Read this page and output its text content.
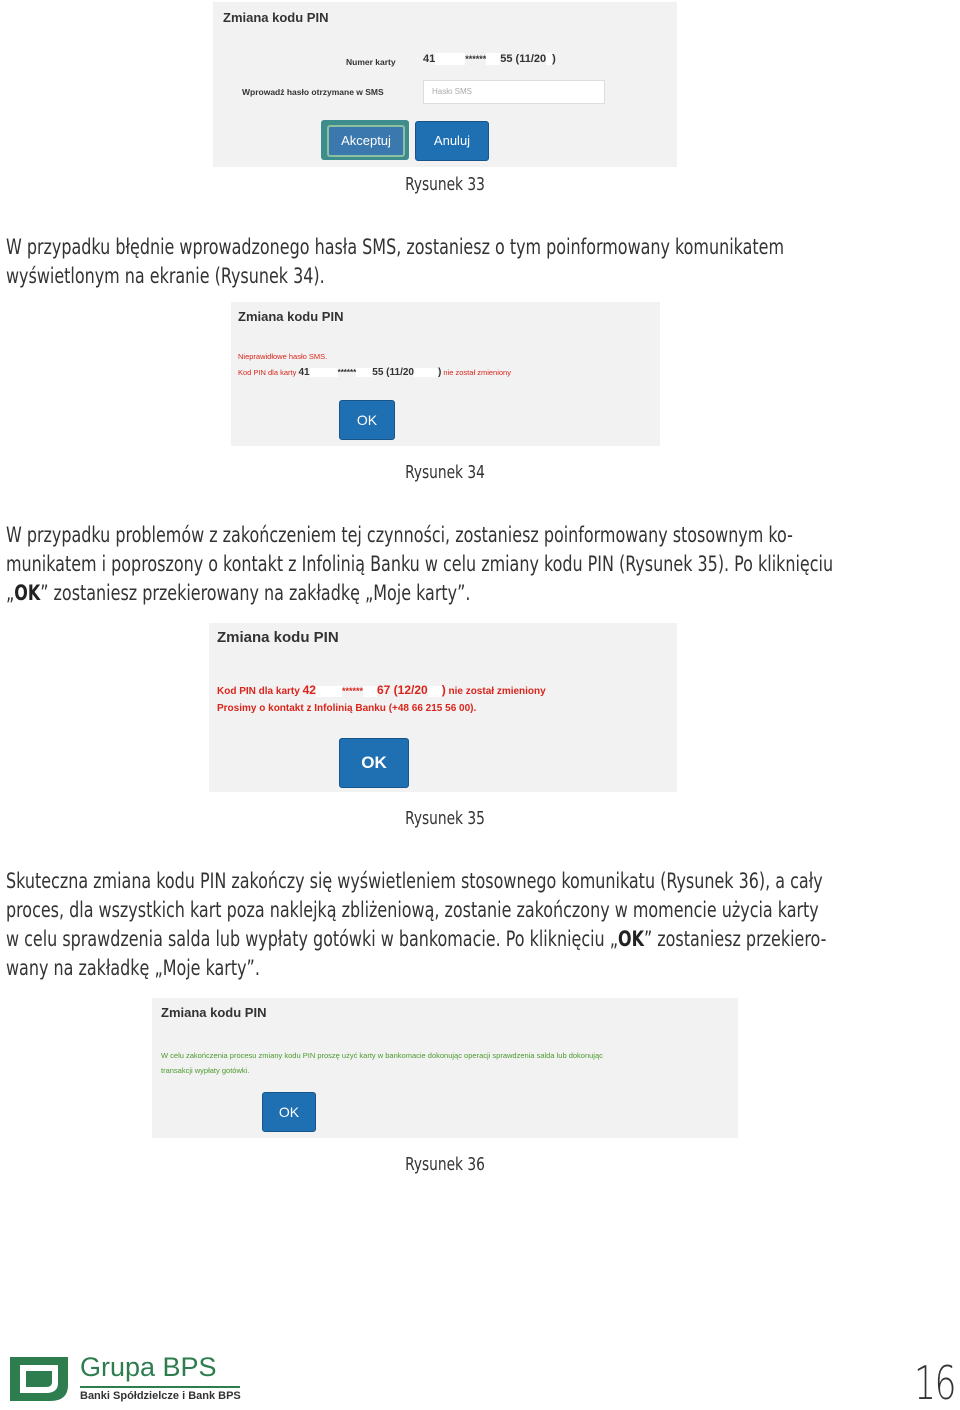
Zmiana kodu PIN
Numer karty 41	****** 55 (11/20 )
Wprowadź hasło otrzymane w SMS	Hasło SMS
Akceptuj	Anuluj
Rysunek 33
W przypadku błędnie wprowadzonego hasła SMS, zostaniesz o tym poinformowany komunikatem
wyświetlonym na ekranie (Rysunek 34).
Zmiana kodu PIN
Nieprawidłowe hasło SMS.
Kod PIN dla karty 41	****** 55 (11/20 ) nie został zmieniony
OK
Rysunek 34
W przypadku problemów z zakończeniem tej czynności, zostaniesz poinformowany stosownym ko-
munikatem i poproszony o kontakt z Infolinią Banku w celu zmiany kodu PIN (Rysunek 35). Po kliknięciu
„OK” zostaniesz przekierowany na zakładkę „Moje karty”.
Zmiana kodu PIN
Kod PIN dla karty 42	****** 67 (12/20 ) nie został zmieniony
Prosimy o kontakt z Infolinią Banku (+48 66 215 56 00).
OK
Rysunek 35
Skuteczna zmiana kodu PIN zakończy się wyświetleniem stosownego komunikatu (Rysunek 36), a cały
proces, dla wszystkich kart poza naklejką zbliżeniową, zostanie zakończony w momencie użycia karty
w celu sprawdzenia salda lub wypłaty gotówki w bankomacie. Po kliknięciu „OK” zostaniesz przekiero-
wany na zakładkę „Moje karty”.
Zmiana kodu PIN
W celu zakończenia procesu zmiany kodu PIN proszę użyć karty w bankomacie dokonując operacji sprawdzenia salda lub dokonując
transakcji wypłaty gotówki.
OK
Rysunek 36
Grupa BPS
Banki Spółdzielcze i Bank BPS	16
